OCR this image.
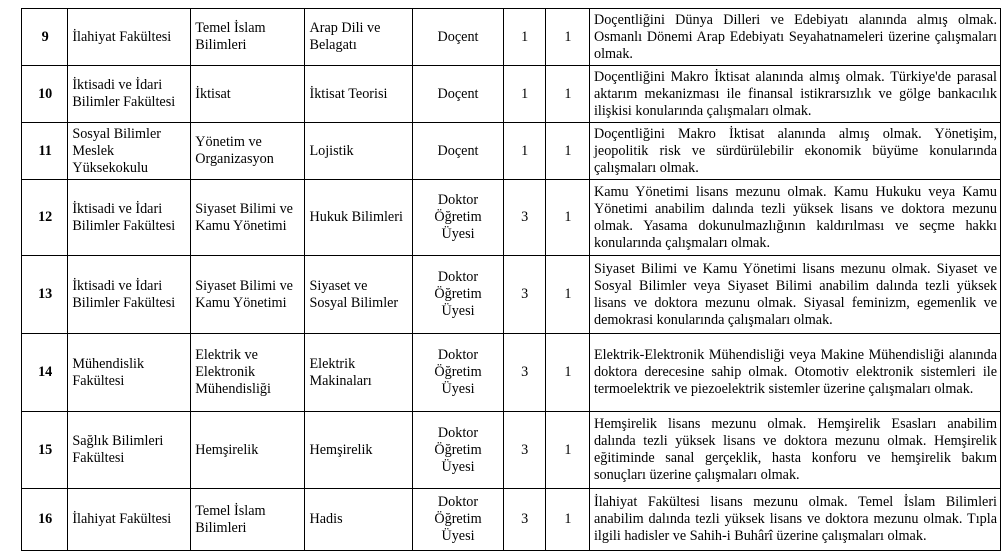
9	İlahiyat Fakültesi	Temel İslam Bilimleri	Arap Dili ve Belagatı	Doçent	1	1	Doçentliğini Dünya Dilleri ve Edebiyatı alanında almış olmak. Osmanlı Dönemi Arap Edebiyatı Seyahatnameleri üzerine çalışmaları olmak.
10	İktisadi ve İdari Bilimler Fakültesi	İktisat	İktisat Teorisi	Doçent	1	1	Doçentliğini Makro İktisat alanında almış olmak. Türkiye'de parasal aktarım mekanizması ile finansal istikrarsızlık ve gölge bankacılık ilişkisi konularında çalışmaları olmak.
11	Sosyal Bilimler Meslek Yüksekokulu	Yönetim ve Organizasyon	Lojistik	Doçent	1	1	Doçentliğini Makro İktisat alanında almış olmak. Yönetişim, jeopolitik risk ve sürdürülebilir ekonomik büyüme konularında çalışmaları olmak.
12	İktisadi ve İdari Bilimler Fakültesi	Siyaset Bilimi ve Kamu Yönetimi	Hukuk Bilimleri	Doktor Öğretim Üyesi	3	1	Kamu Yönetimi lisans mezunu olmak. Kamu Hukuku veya Kamu Yönetimi anabilim dalında tezli yüksek lisans ve doktora mezunu olmak. Yasama dokunulmazlığının kaldırılması ve seçme hakkı konularında çalışmaları olmak.
13	İktisadi ve İdari Bilimler Fakültesi	Siyaset Bilimi ve Kamu Yönetimi	Siyaset ve Sosyal Bilimler	Doktor Öğretim Üyesi	3	1	Siyaset Bilimi ve Kamu Yönetimi lisans mezunu olmak. Siyaset ve Sosyal Bilimler veya Siyaset Bilimi anabilim dalında tezli yüksek lisans ve doktora mezunu olmak. Siyasal feminizm, egemenlik ve demokrasi konularında çalışmaları olmak.
14	Mühendislik Fakültesi	Elektrik ve Elektronik Mühendisliği	Elektrik Makinaları	Doktor Öğretim Üyesi	3	1	Elektrik-Elektronik Mühendisliği veya Makine Mühendisliği alanında doktora derecesine sahip olmak. Otomotiv elektronik sistemleri ile termoelektrik ve piezoelektrik sistemler üzerine çalışmaları olmak.
15	Sağlık Bilimleri Fakültesi	Hemşirelik	Hemşirelik	Doktor Öğretim Üyesi	3	1	Hemşirelik lisans mezunu olmak. Hemşirelik Esasları anabilim dalında tezli yüksek lisans ve doktora mezunu olmak. Hemşirelik eğitiminde sanal gerçeklik, hasta konforu ve hemşirelik bakım sonuçları üzerine çalışmaları olmak.
16	İlahiyat Fakültesi	Temel İslam Bilimleri	Hadis	Doktor Öğretim Üyesi	3	1	İlahiyat Fakültesi lisans mezunu olmak. Temel İslam Bilimleri anabilim dalında tezli yüksek lisans ve doktora mezunu olmak. Tıpla ilgili hadisler ve Sahih-i Buhârî üzerine çalışmaları olmak.
